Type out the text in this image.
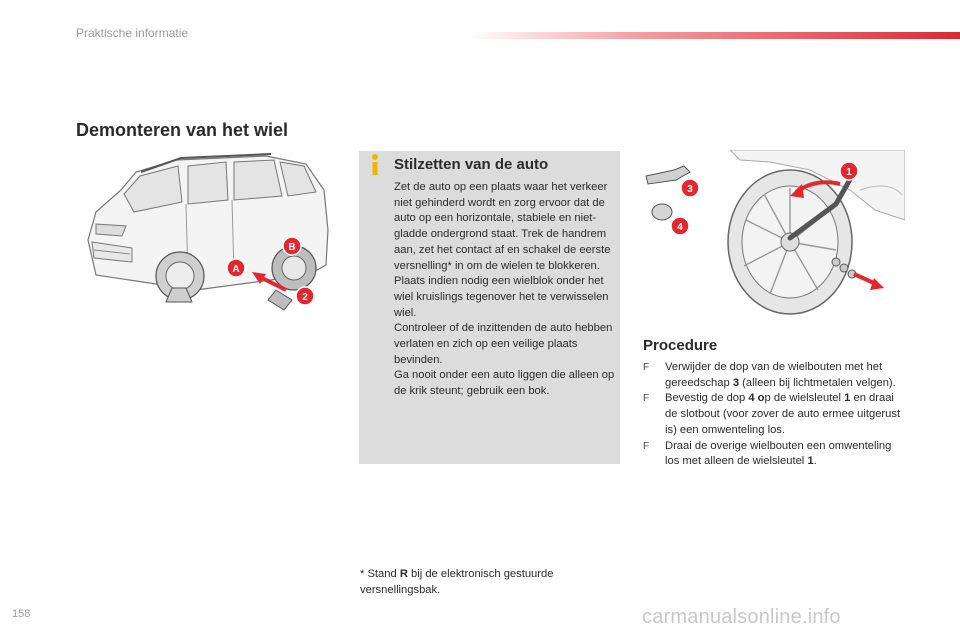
Praktische informatie
Demonteren van het wiel
A
B
2
Stilzetten van de auto

Zet de auto op een plaats waar het verkeer niet gehinderd wordt en zorg ervoor dat de auto op een horizontale, stabiele en niet-gladde ondergrond staat. Trek de handrem aan, zet het contact af en schakel de eerste versnelling* in om de wielen te blokkeren.

Plaats indien nodig een wielblok onder het wiel kruislings tegenover het te verwisselen wiel.

Controleer of de inzittenden de auto hebben verlaten en zich op een veilige plaats bevinden.

Ga nooit onder een auto liggen die alleen op de krik steunt; gebruik een bok.

3
4
1
Procedure

F Verwijder de dop van de wielbouten met het gereedschap 3 (alleen bij lichtmetalen velgen).

F Bevestig de dop 4 op de wielsleutel 1 en draai de slotbout (voor zover de auto ermee uitgerust is) een omwenteling los.

F Draai de overige wielbouten een omwenteling los met alleen de wielsleutel 1.

* Stand R bij de elektronisch gestuurde versnellingsbak.
158	carmanualsonline.info
